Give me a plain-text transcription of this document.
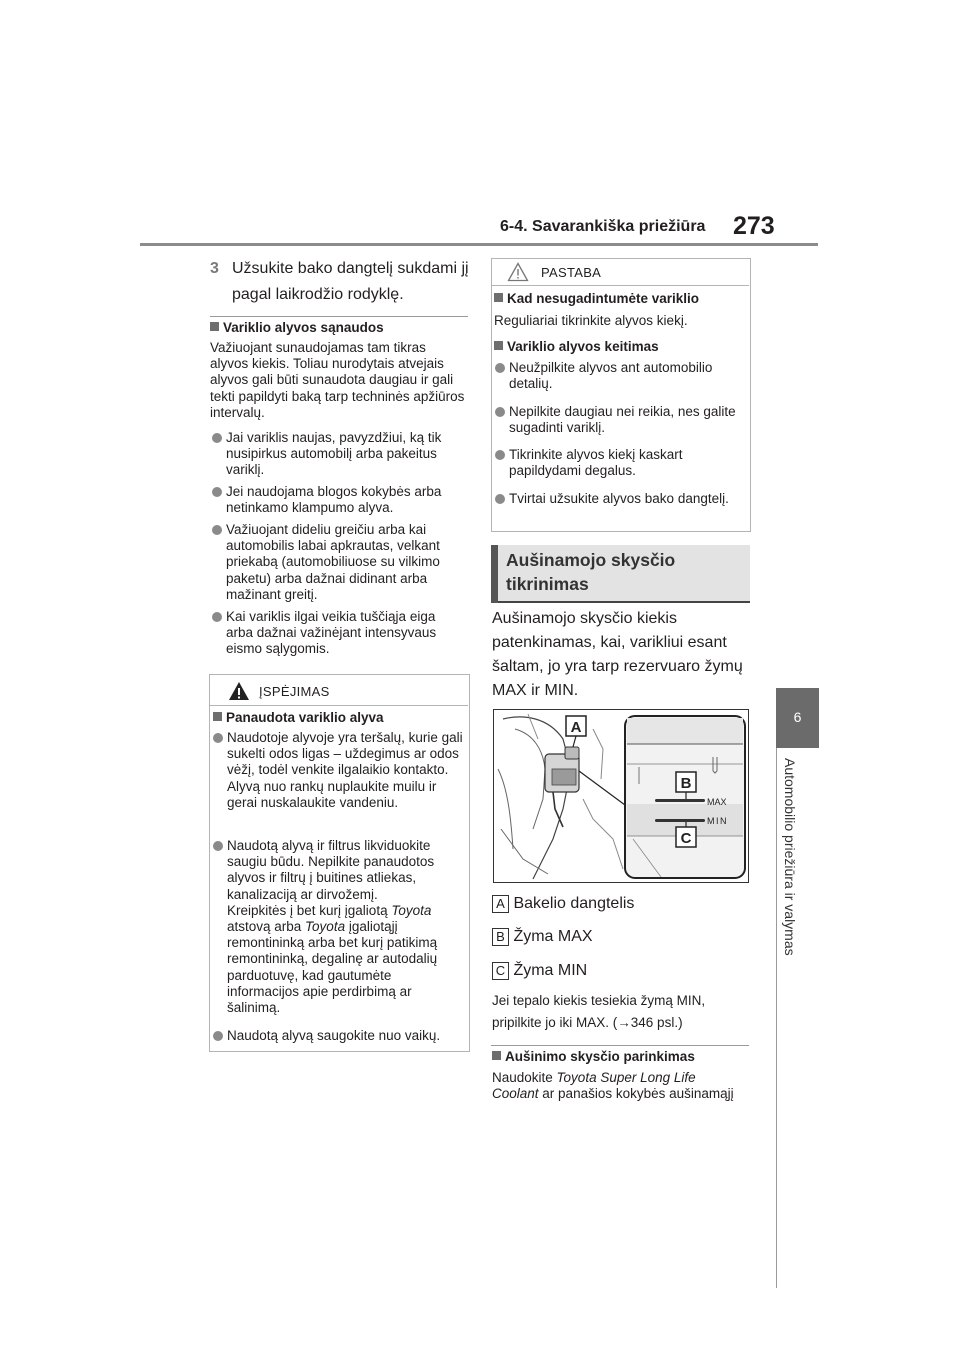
6-4. Savarankiška priežiūra 273
6
Automobilio priežiūra ir valymas
3 Užsukite bako dangtelį sukdami jį pagal laikrodžio rodyklę.
Variklio alyvos sąnaudos
Važiuojant sunaudojamas tam tikras alyvos kiekis. Toliau nurodytais atvejais alyvos gali būti sunaudota daugiau ir gali tekti papildyti baką tarp techninės apžiūros intervalų.
Jai variklis naujas, pavyzdžiui, ką tik nusipirkus automobilį arba pakeitus variklį.
Jei naudojama blogos kokybės arba netinkamo klampumo alyva.
Važiuojant dideliu greičiu arba kai automobilis labai apkrautas, velkant priekabą (automobiliuose su vilkimo paketu) arba dažnai didinant arba mažinant greitį.
Kai variklis ilgai veikia tuščiąja eiga arba dažnai važinėjant intensyvaus eismo sąlygomis.
ĮSPĖJIMAS
Panaudota variklio alyva
Naudotoje alyvoje yra teršalų, kurie gali sukelti odos ligas – uždegimus ar odos vėžį, todėl venkite ilgalaikio kontakto. Alyvą nuo rankų nuplaukite muilu ir gerai nuskalaukite vandeniu.
Naudotą alyvą ir filtrus likviduokite
saugiu būdu. Nepilkite panaudotos
alyvos ir filtrų į buitines atliekas,
kanalizaciją ar dirvožemį.
Kreipkitės į bet kurį įgaliotą Toyota
atstovą arba Toyota įgaliotąjį
remontininką arba bet kurį patikimą
remontininką, degalinę ar autodalių
parduotuvę, kad gautumėte
informacijos apie perdirbimą ar
šalinimą.
Naudotą alyvą saugokite nuo vaikų.
PASTABA
Kad nesugadintumėte variklio
Reguliariai tikrinkite alyvos kiekį.
Variklio alyvos keitimas
Neužpilkite alyvos ant automobilio detalių.
Nepilkite daugiau nei reikia, nes galite sugadinti variklį.
Tikrinkite alyvos kiekį kaskart papildydami degalus.
Tvirtai užsukite alyvos bako dangtelį.
Aušinamojo skysčio tikrinimas
Aušinamojo skysčio kiekis patenkinamas, kai, varikliui esant šaltam, jo yra tarp rezervuaro žymų MAX ir MIN.
A
MAX
MIN
B
C
A Bakelio dangtelis
B Žyma MAX
C Žyma MIN
Jei tepalo kiekis tesiekia žymą MIN,
pripilkite jo iki MAX. (→346 psl.)
Aušinimo skysčio parinkimas
Naudokite Toyota Super Long Life
Coolant ar panašios kokybės aušinamąjį
